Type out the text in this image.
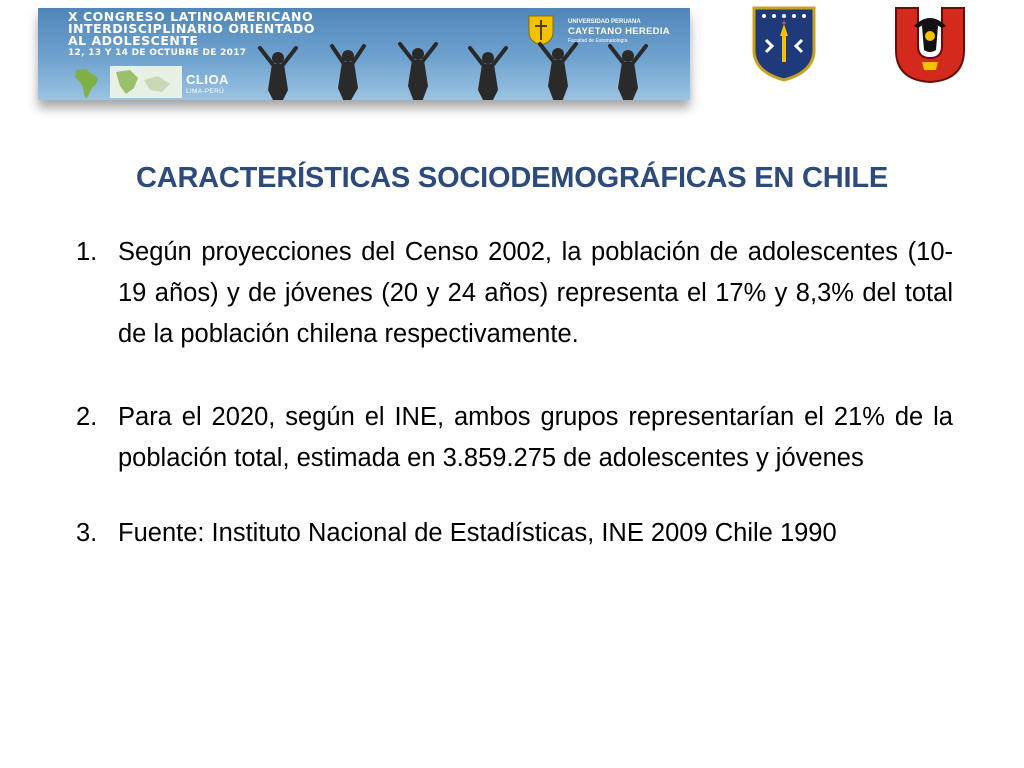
X CONGRESO LATINOAMERICANO
INTERDISCIPLINARIO ORIENTADO
AL ADOLESCENTE
12, 13 Y 14 DE OCTUBRE DE 2017
CLIOA
LIMA-PERÚ
UNIVERSIDAD PERUANA
CAYETANO HEREDIA
Facultad de Estomatología
CARACTERÍSTICAS SOCIODEMOGRÁFICAS EN CHILE
1. Según proyecciones del Censo 2002, la población de adolescentes (10-19 años) y de jóvenes (20 y 24 años) representa el 17% y 8,3% del total de la población chilena respectivamente.
2. Para el 2020, según el INE, ambos grupos representarían el 21% de la población total, estimada en 3.859.275 de adolescentes y jóvenes
3. Fuente: Instituto Nacional de Estadísticas, INE 2009 Chile 1990
